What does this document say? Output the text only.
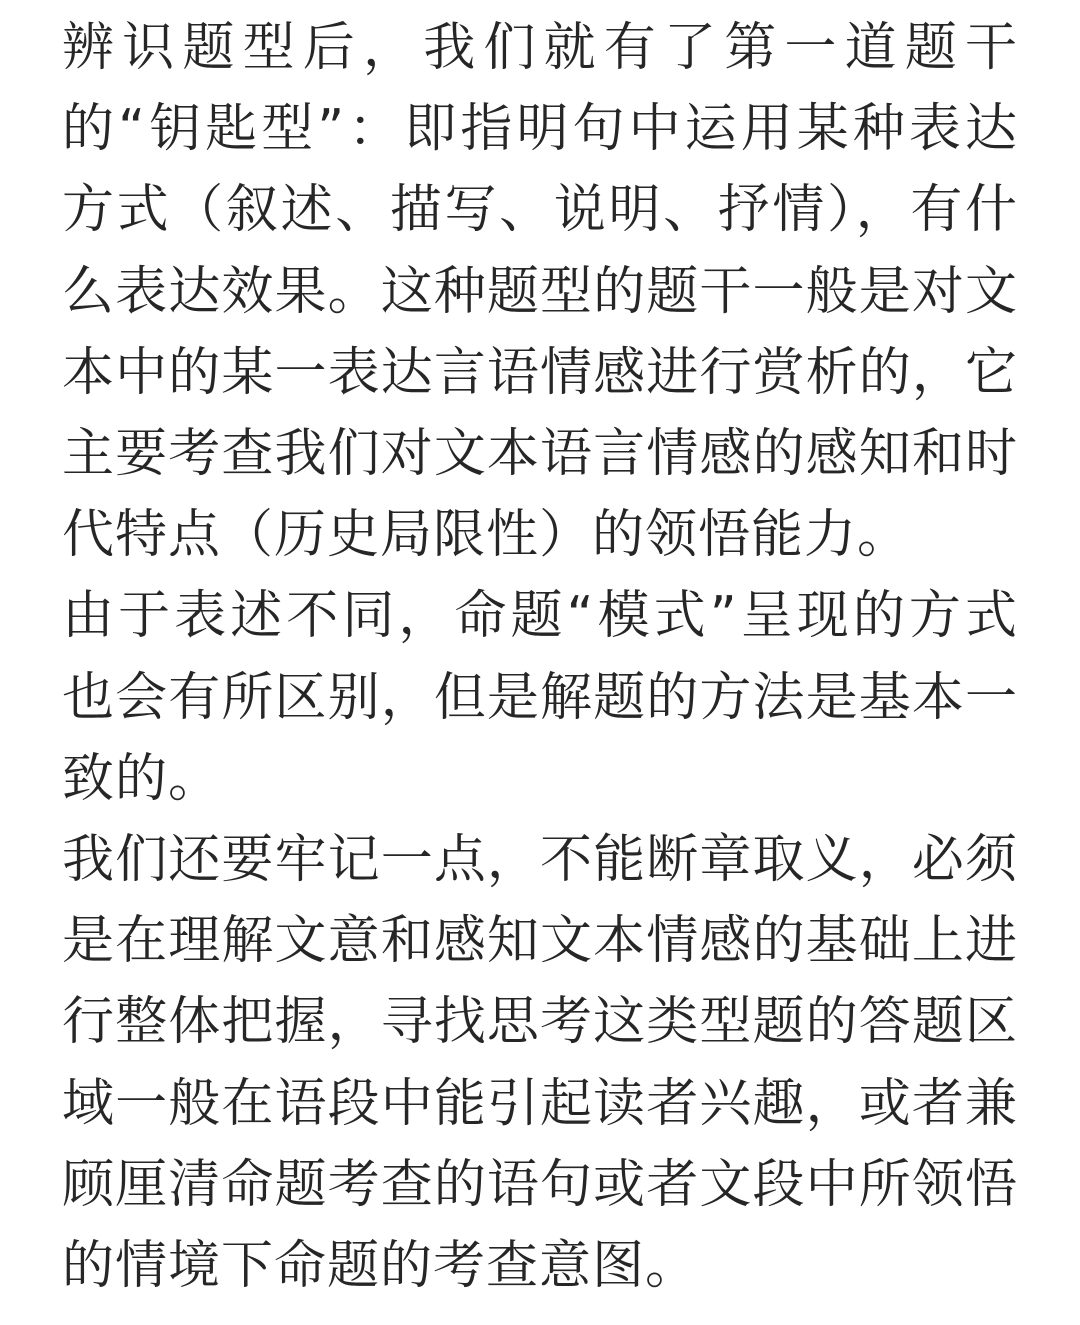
辨识题型后，我们就有了第一道题干的“钥匙型”：即指明句中运用某种表达方式（叙述、描写、说明、抒情），有什么表达效果。这种题型的题干一般是对文本中的某一表达言语情感进行赏析的，它主要考查我们对文本语言情感的感知和时代特点（历史局限性）的领悟能力。

由于表述不同，命题“模式”呈现的方式也会有所区别，但是解题的方法是基本一致的。

我们还要牢记一点，不能断章取义，必须是在理解文意和感知文本情感的基础上进行整体把握，寻找思考这类型题的答题区域一般在语段中能引起读者兴趣，或者兼顾厘清命题考查的语句或者文段中所领悟的情境下命题的考查意图。
